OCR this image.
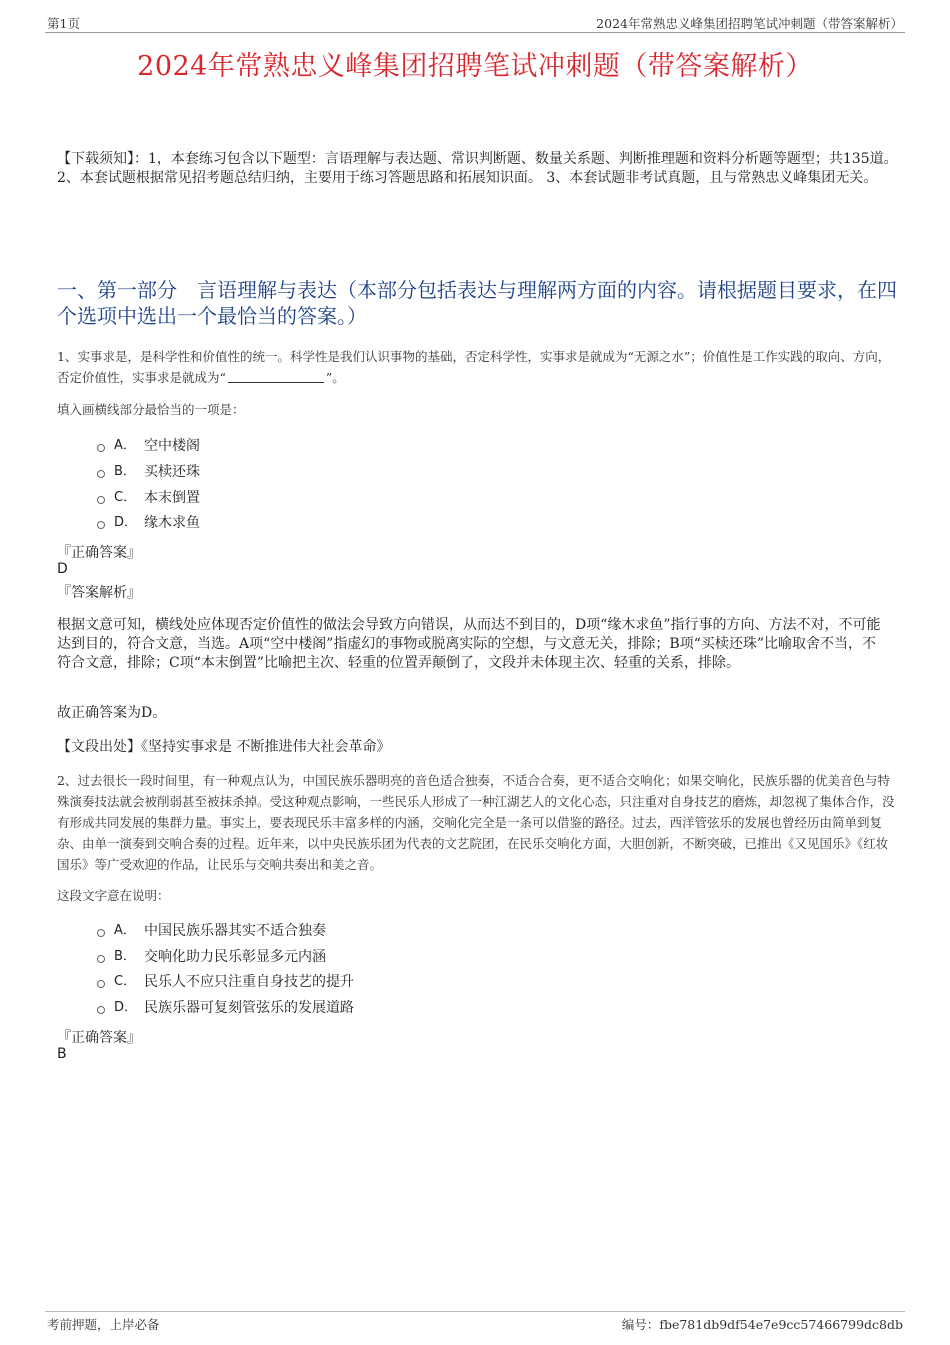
第1页	2024年常熟忠义峰集团招聘笔试冲刺题（带答案解析）
2024年常熟忠义峰集团招聘笔试冲刺题（带答案解析）
【下载须知】：1，本套练习包含以下题型：言语理解与表达题、常识判断题、数量关系题、判断推理题和资料分析题等题型；共135道。 2、本套试题根据常见招考题总结归纳，主要用于练习答题思路和拓展知识面。 3、本套试题非考试真题，且与常熟忠义峰集团无关。
一、第一部分　言语理解与表达（本部分包括表达与理解两方面的内容。请根据题目要求，在四个选项中选出一个最恰当的答案。）
1、实事求是，是科学性和价值性的统一。科学性是我们认识事物的基础，否定科学性，实事求是就成为“无源之水”；价值性是工作实践的取向、方向，否定价值性，实事求是就成为“	”。
填入画横线部分最恰当的一项是：
A． 空中楼阁
B． 买椟还珠
C． 本末倒置
D． 缘木求鱼
『正确答案』
D
『答案解析』
根据文意可知，横线处应体现否定价值性的做法会导致方向错误，从而达不到目的，D项“缘木求鱼”指行事的方向、方法不对，不可能达到目的，符合文意，当选。A项“空中楼阁”指虚幻的事物或脱离实际的空想，与文意无关，排除；B项“买椟还珠”比喻取舍不当，不符合文意，排除；C项“本末倒置”比喻把主次、轻重的位置弄颠倒了，文段并未体现主次、轻重的关系，排除。
故正确答案为D。
【文段出处】《坚持实事求是 不断推进伟大社会革命》
2、过去很长一段时间里，有一种观点认为，中国民族乐器明亮的音色适合独奏，不适合合奏，更不适合交响化；如果交响化，民族乐器的优美音色与特殊演奏技法就会被削弱甚至被抹杀掉。受这种观点影响，一些民乐人形成了一种江湖艺人的文化心态，只注重对自身技艺的磨炼，却忽视了集体合作，没有形成共同发展的集群力量。事实上，要表现民乐丰富多样的内涵，交响化完全是一条可以借鉴的路径。过去，西洋管弦乐的发展也曾经历由简单到复杂、由单一演奏到交响合奏的过程。近年来，以中央民族乐团为代表的文艺院团，在民乐交响化方面，大胆创新，不断突破，已推出《又见国乐》《红妆国乐》等广受欢迎的作品，让民乐与交响共奏出和美之音。
这段文字意在说明：
A． 中国民族乐器其实不适合独奏
B． 交响化助力民乐彰显多元内涵
C． 民乐人不应只注重自身技艺的提升
D． 民族乐器可复刻管弦乐的发展道路
『正确答案』
B
考前押题，上岸必备	编号：fbe781db9df54e7e9cc57466799dc8db
